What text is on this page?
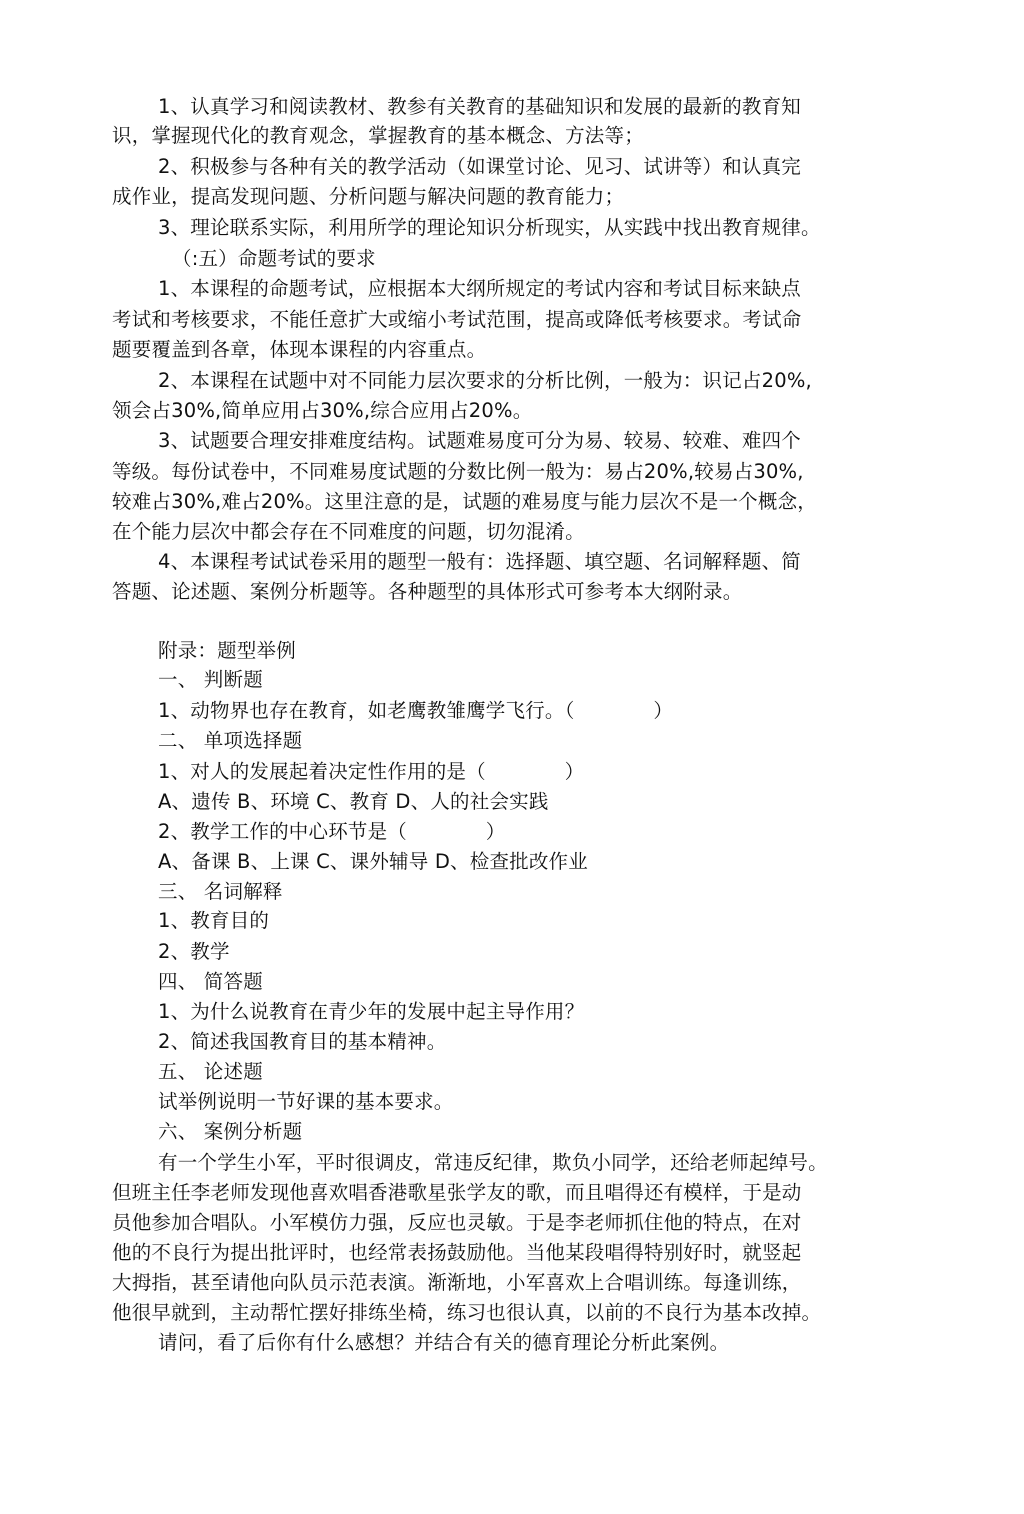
1、认真学习和阅读教材、教参有关教育的基础知识和发展的最新的教育知
识，掌握现代化的教育观念，掌握教育的基本概念、方法等；
2、积极参与各种有关的教学活动（如课堂讨论、见习、试讲等）和认真完
成作业，提高发现问题、分析问题与解决问题的教育能力；
3、理论联系实际，利用所学的理论知识分析现实，从实践中找出教育规律。
（:五）命题考试的要求
1、本课程的命题考试，应根据本大纲所规定的考试内容和考试目标来缺点
考试和考核要求，不能任意扩大或缩小考试范围，提高或降低考核要求。考试命
题要覆盖到各章，体现本课程的内容重点。
2、本课程在试题中对不同能力层次要求的分析比例，一般为：识记占20%,
领会占30%,简单应用占30%,综合应用占20%。
3、试题要合理安排难度结构。试题难易度可分为易、较易、较难、难四个
等级。每份试卷中，不同难易度试题的分数比例一般为：易占20%,较易占30%,
较难占30%,难占20%。这里注意的是，试题的难易度与能力层次不是一个概念，
在个能力层次中都会存在不同难度的问题，切勿混淆。
4、本课程考试试卷采用的题型一般有：选择题、填空题、名词解释题、简
答题、论述题、案例分析题等。各种题型的具体形式可参考本大纲附录。
附录：题型举例
一、 判断题
1、动物界也存在教育，如老鹰教雏鹰学飞行。（　　　　）
二、 单项选择题
1、对人的发展起着决定性作用的是（　　　　）
A、遗传 B、环境 C、教育 D、人的社会实践
2、教学工作的中心环节是（　　　　）
A、备课 B、上课 C、课外辅导 D、检查批改作业
三、 名词解释
1、教育目的
2、教学
四、 简答题
1、为什么说教育在青少年的发展中起主导作用？
2、简述我国教育目的基本精神。
五、 论述题
试举例说明一节好课的基本要求。
六、 案例分析题
有一个学生小军，平时很调皮，常违反纪律，欺负小同学，还给老师起绰号。
但班主任李老师发现他喜欢唱香港歌星张学友的歌，而且唱得还有模样，于是动
员他参加合唱队。小军模仿力强，反应也灵敏。于是李老师抓住他的特点，在对
他的不良行为提出批评时，也经常表扬鼓励他。当他某段唱得特别好时，就竖起
大拇指，甚至请他向队员示范表演。渐渐地，小军喜欢上合唱训练。每逢训练，
他很早就到，主动帮忙摆好排练坐椅，练习也很认真，以前的不良行为基本改掉。
请问，看了后你有什么感想？并结合有关的德育理论分析此案例。
